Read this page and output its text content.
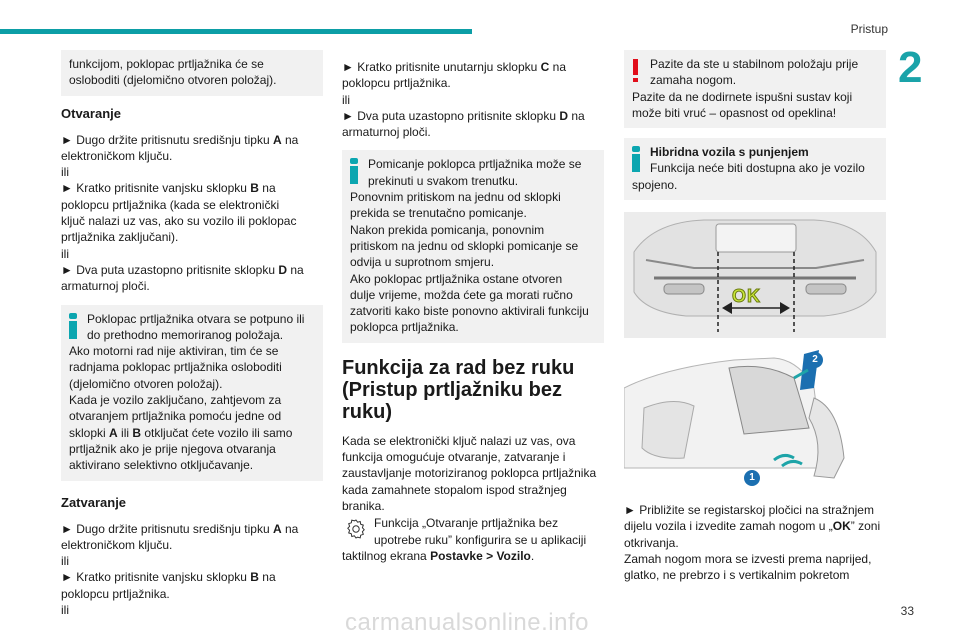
Pristup
2

funkcijom, poklopac prtljažnika će se

osloboditi (djelomično otvoren položaj).

Otvaranje

► Dugo držite pritisnutu središnju tipku A na

elektroničkom ključu.

ili

► Kratko pritisnite vanjsku sklopku B na

poklopcu prtljažnika (kada se elektronički

ključ nalazi uz vas, ako su vozilo ili poklopac

prtljažnika zaključani).

ili

► Dva puta uzastopno pritisnite sklopku D na

armaturnoj ploči.

Poklopac prtljažnika otvara se potpuno ili

do prethodno memoriranog položaja.

Ako motorni rad nije aktiviran, tim će se

radnjama poklopac prtljažnika osloboditi

(djelomično otvoren položaj).

Kada je vozilo zaključano, zahtjevom za

otvaranjem prtljažnika pomoću jedne od

sklopki A ili B otključat ćete vozilo ili samo

prtljažnik ako je prije njegova otvaranja

aktivirano selektivno otključavanje.

Zatvaranje

► Dugo držite pritisnutu središnju tipku A na

elektroničkom ključu.

ili

► Kratko pritisnite vanjsku sklopku B na

poklopcu prtljažnika.

ili

► Kratko pritisnite unutarnju sklopku C na

poklopcu prtljažnika.

ili

► Dva puta uzastopno pritisnite sklopku D na

armaturnoj ploči.

Pomicanje poklopca prtljažnika može se

prekinuti u svakom trenutku.

Ponovnim pritiskom na jednu od sklopki

prekida se trenutačno pomicanje.

Nakon prekida pomicanja, ponovnim

pritiskom na jednu od sklopki pomicanje se

odvija u suprotnom smjeru.

Ako poklopac prtljažnika ostane otvoren

dulje vrijeme, možda ćete ga morati ručno

zatvoriti kako biste ponovno aktivirali funkciju

poklopca prtljažnika.

Funkcija za rad bez ruku
(Pristup prtljažniku bez
ruku)

Kada se elektronički ključ nalazi uz vas, ova

funkcija omogućuje otvaranje, zatvaranje i

zaustavljanje motoriziranog poklopca prtljažnika

kada zamahnete stopalom ispod stražnjeg

branika.

Funkcija „Otvaranje prtljažnika bez

upotrebe ruku” konfigurira se u aplikaciji

taktilnog ekrana Postavke > Vozilo.

Pazite da ste u stabilnom položaju prije

zamaha nogom.

Pazite da ne dodirnete ispušni sustav koji

može biti vruć – opasnost od opeklina!

Hibridna vozila s punjenjem

Funkcija neće biti dostupna ako je vozilo

spojeno.

OK
1
2

► Približite se registarskoj pločici na stražnjem

dijelu vozila i izvedite zamah nogom u „OK” zoni

otkrivanja.

Zamah nogom mora se izvesti prema naprijed,

glatko, ne prebrzo i s vertikalnim pokretom

carmanualsonline.info	33
